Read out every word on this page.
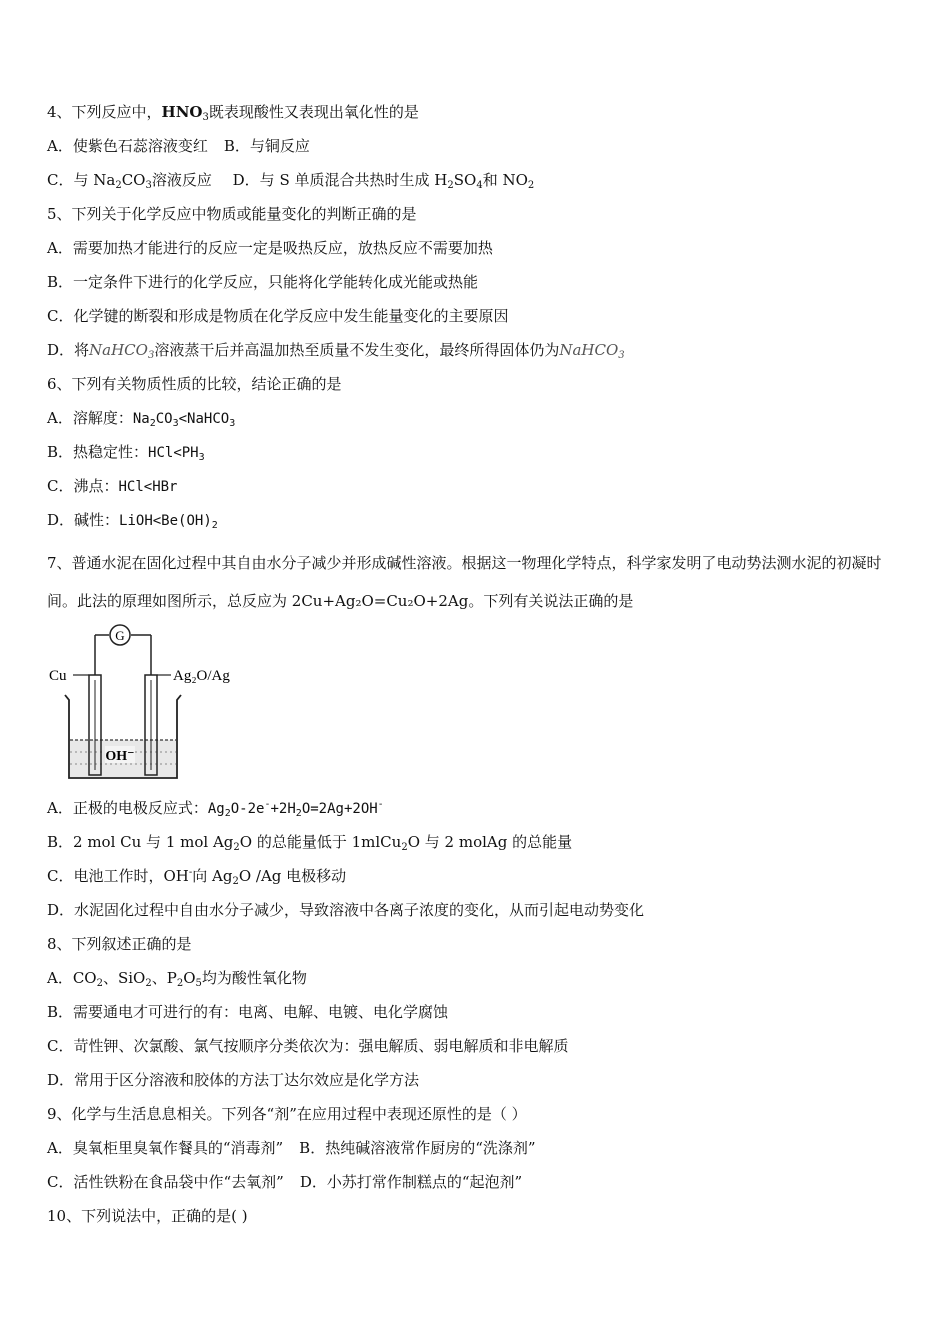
4、下列反应中，$HNO_3$既表现酸性又表现出氧化性的是
A．使紫色石蕊溶液变红 B．与铜反应
C．与 $Na_2CO_3$溶液反应 D．与 S 单质混合共热时生成 $H_2SO_4$和 $NO_2$
5、下列关于化学反应中物质或能量变化的判断正确的是
A．需要加热才能进行的反应一定是吸热反应，放热反应不需要加热
B．一定条件下进行的化学反应，只能将化学能转化成光能或热能
C．化学键的断裂和形成是物质在化学反应中发生能量变化的主要原因
D．将NaHCO$_3$溶液蒸干后并高温加热至质量不发生变化，最终所得固体仍为NaHCO$_3$
6、下列有关物质性质的比较，结论正确的是
A．溶解度：$Na_2CO_3<NaHCO_3$
B．热稳定性：$HCl<PH_3$
C．沸点：HCl<HBr
D．碱性：$LiOH<Be(OH)_2$
7、普通水泥在固化过程中其自由水分子减少并形成碱性溶液。根据这一物理化学特点，科学家发明了电动势法测水泥的初凝时间。此法的原理如图所示，总反应为 2Cu+Ag₂O=Cu₂O+2Ag。下列有关说法正确的是
G
Cu	Ag₂O/Ag
OH⁻
A．正极的电极反应式：$Ag_2O-2e^-+2H_2O=2Ag+2OH^-$
B．2 mol Cu 与 1 mol $Ag_2O$ 的总能量低于 1mlCu$_2$O 与 2 molAg 的总能量
C．电池工作时，OH-向 $Ag_2O$ /Ag 电极移动
D．水泥固化过程中自由水分子减少，导致溶液中各离子浓度的变化，从而引起电动势变化
8、下列叙述正确的是
A．$CO_2$、SiO$_2$、$P_2O_5$均为酸性氧化物
B．需要通电才可进行的有：电离、电解、电镀、电化学腐蚀
C．苛性钾、次氯酸、氯气按顺序分类依次为：强电解质、弱电解质和非电解质
D．常用于区分溶液和胶体的方法丁达尔效应是化学方法
9、化学与生活息息相关。下列各“剂”在应用过程中表现还原性的是（ ）
A．臭氧柜里臭氧作餐具的“消毒剂” B．热纯碱溶液常作厨房的“洗涤剂”
C．活性铁粉在食品袋中作“去氧剂” D．小苏打常作制糕点的“起泡剂”
10、下列说法中，正确的是( )
